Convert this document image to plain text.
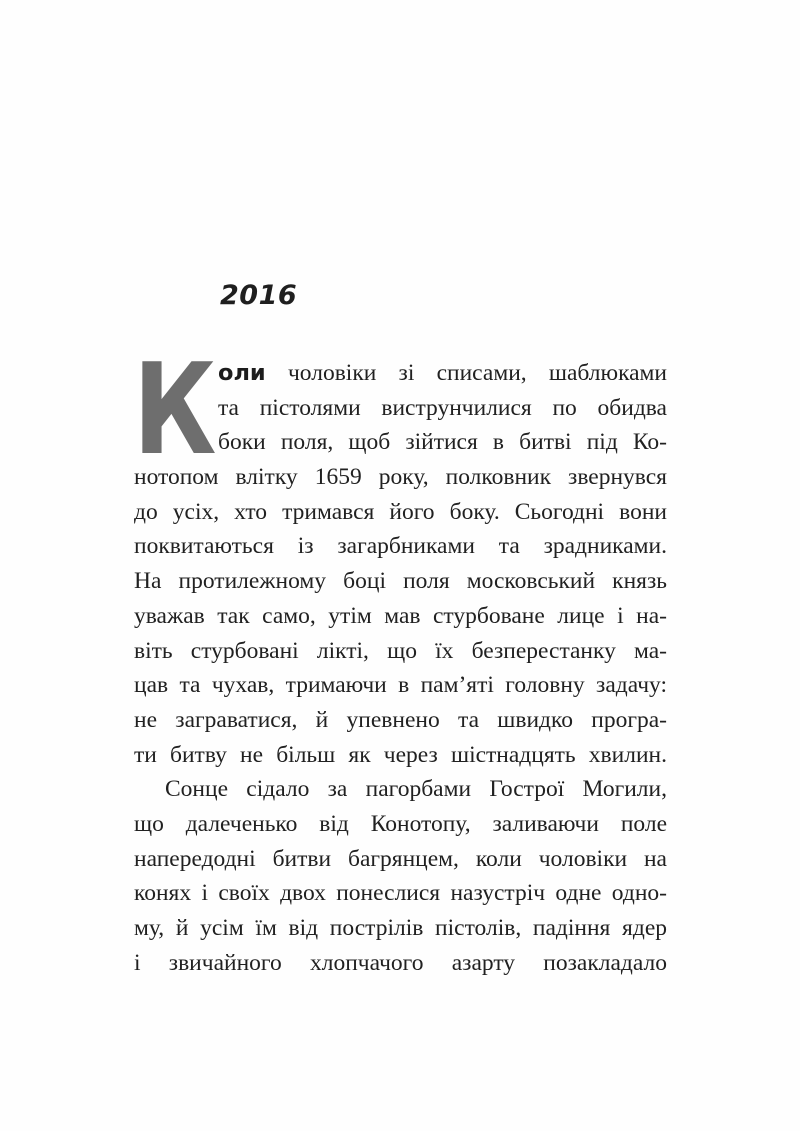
2016
К оли чоловіки зі списами, шаблюками
та пістолями виструнчилися по обидва
боки поля, щоб зійтися в битві під Ко-
нотопом влітку 1659 року, полковник звернувся
до усіх, хто тримався його боку. Сьогодні вони
поквитаються із загарбниками та зрадниками.
На протилежному боці поля московський князь
уважав так само, утім мав стурбоване лице і на-
віть стурбовані лікті, що їх безперестанку ма-
цав та чухав, тримаючи в пам’яті головну задачу:
не заграватися, й упевнено та швидко програ-
ти битву не більш як через шістнадцять хвилин.
Сонце сідало за пагорбами Гострої Могили,
що далеченько від Конотопу, заливаючи поле
напередодні битви багрянцем, коли чоловіки на
конях і своїх двох понеслися назустріч одне одно-
му, й усім їм від пострілів пістолів, падіння ядер
і звичайного хлопчачого азарту позакладало
